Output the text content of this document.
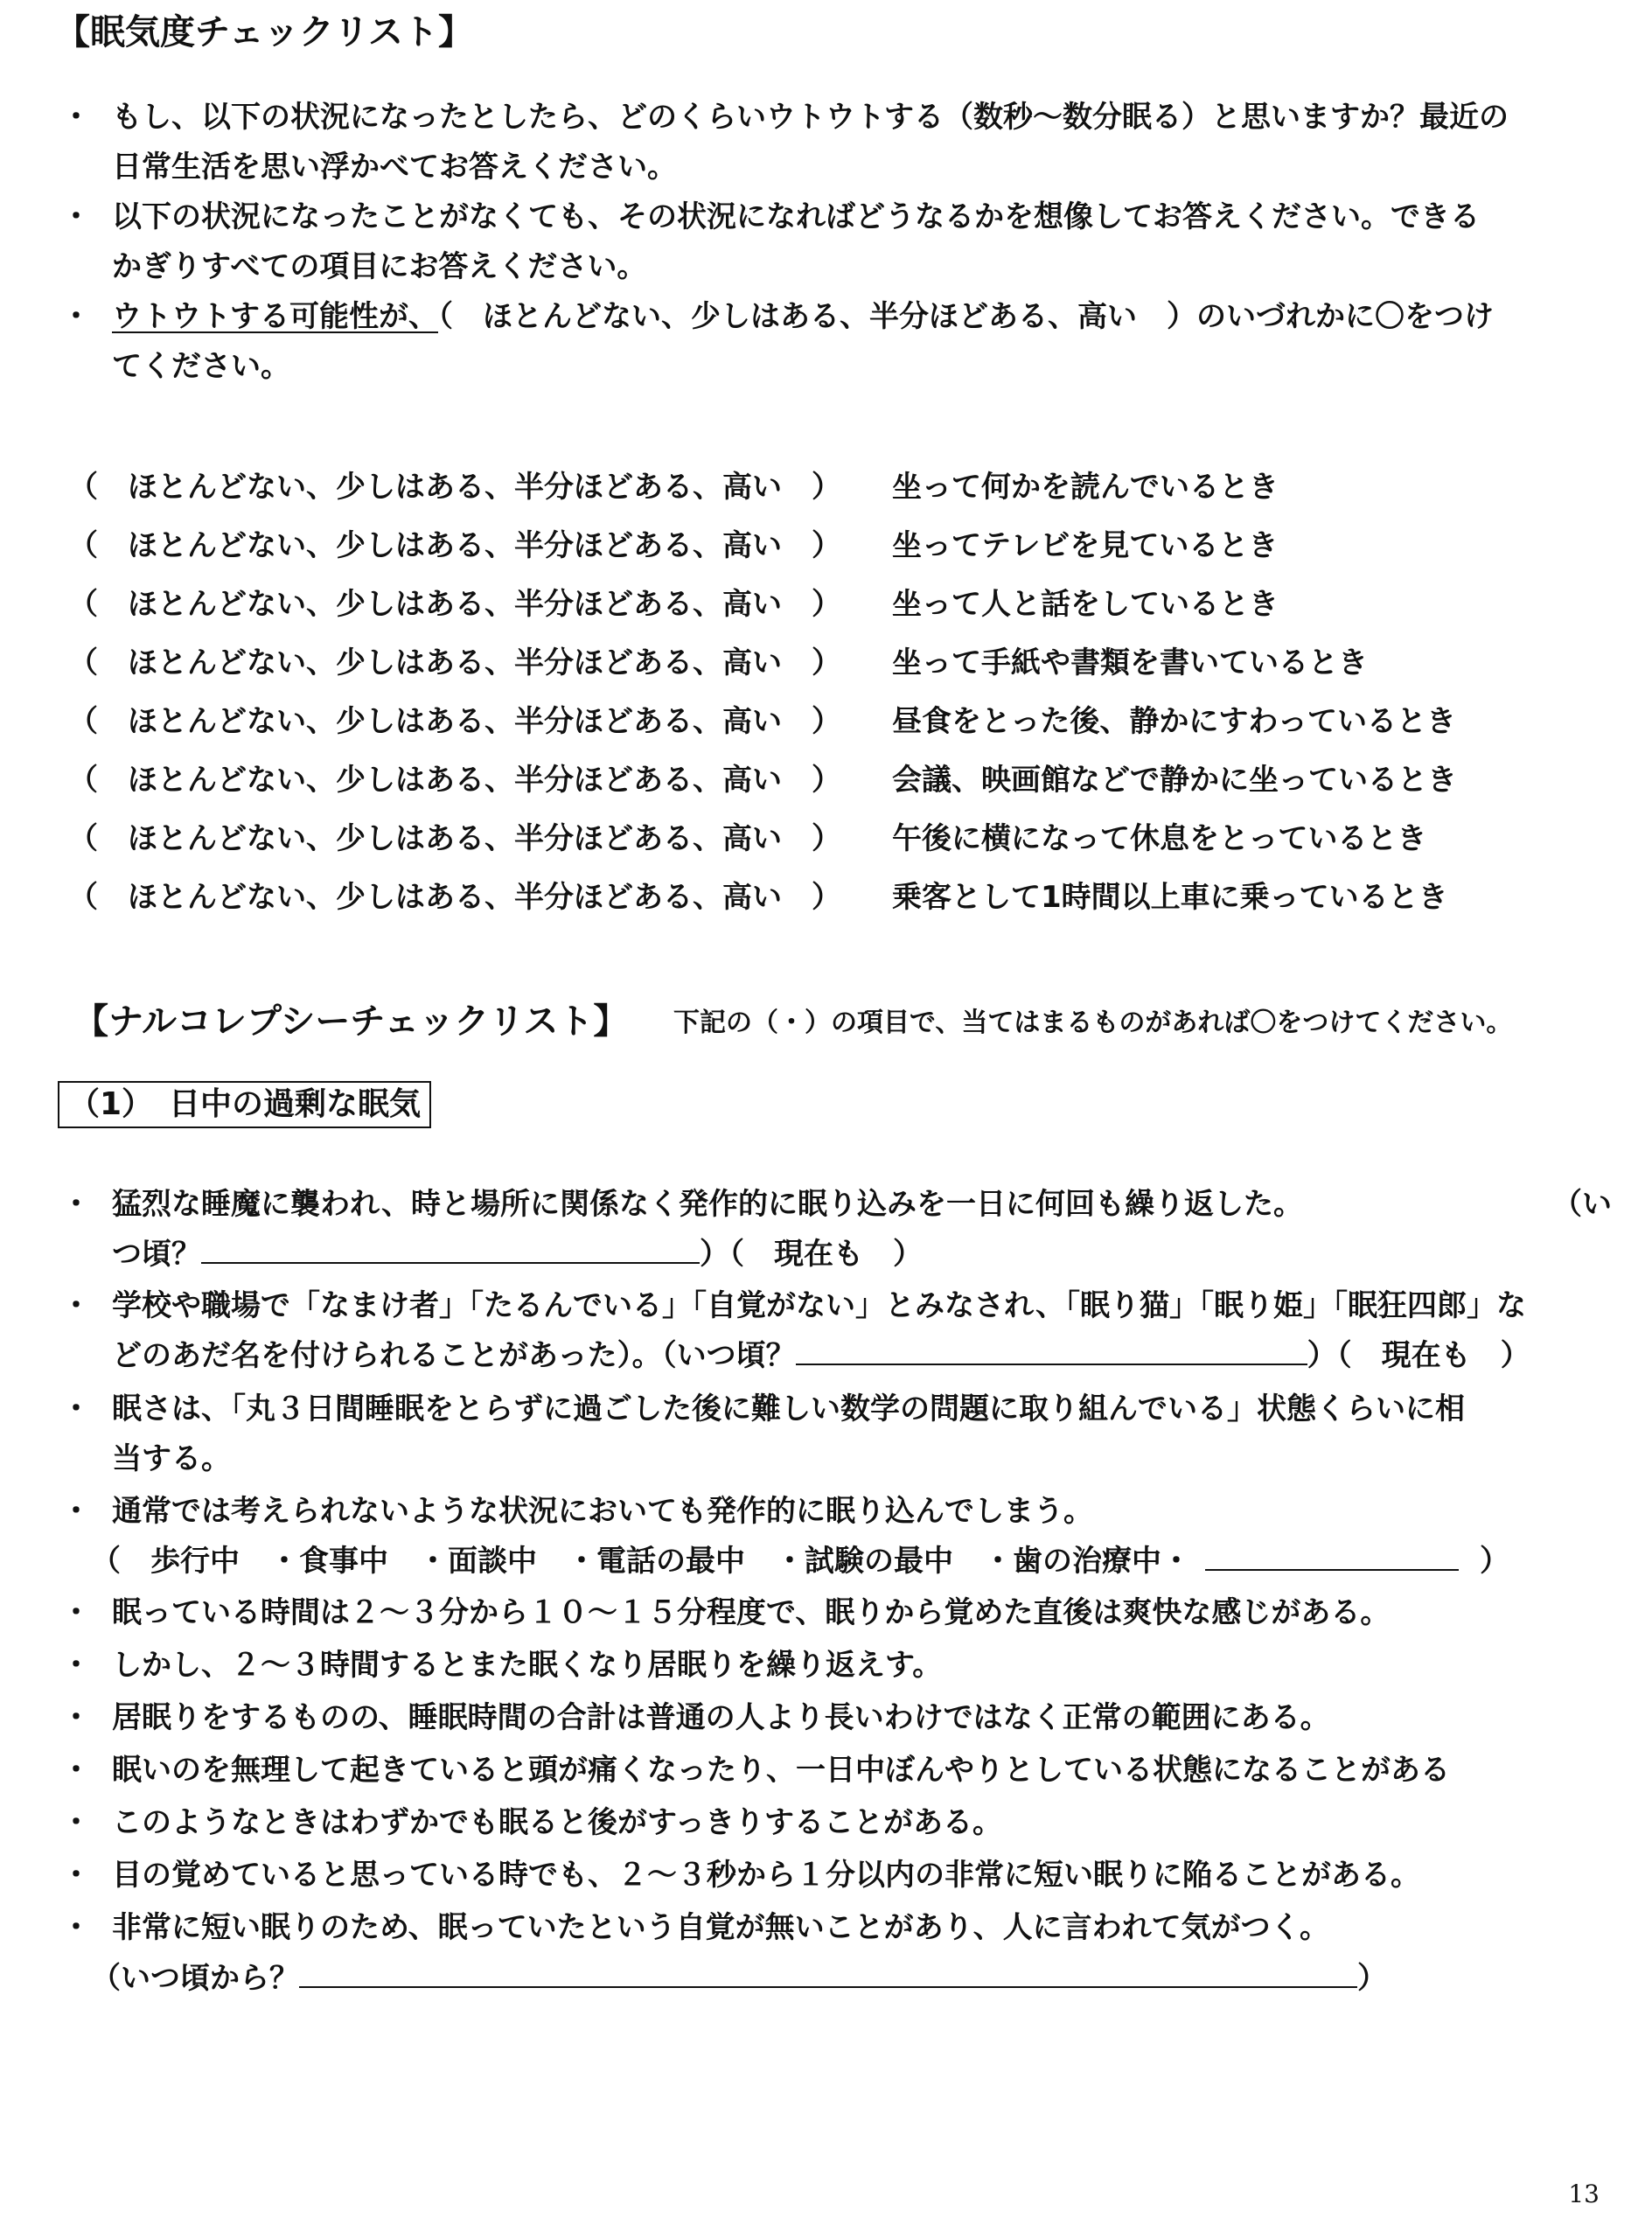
【眠気度チェックリスト】
・ もし、以下の状況になったとしたら、どのくらいウトウトする（数秒～数分眠る）と思いますか？最近の
日常生活を思い浮かべてお答えください。
・ 以下の状況になったことがなくても、その状況になればどうなるかを想像してお答えください。できる
かぎりすべての項目にお答えください。
・ ウトウトする可能性が、（　ほとんどない、少しはある、半分ほどある、高い　）のいづれかに〇をつけ
てください。
（　ほとんどない、少しはある、半分ほどある、高い　） 坐って何かを読んでいるとき
（　ほとんどない、少しはある、半分ほどある、高い　） 坐ってテレビを見ているとき
（　ほとんどない、少しはある、半分ほどある、高い　） 坐って人と話をしているとき
（　ほとんどない、少しはある、半分ほどある、高い　） 坐って手紙や書類を書いているとき
（　ほとんどない、少しはある、半分ほどある、高い　） 昼食をとった後、静かにすわっているとき
（　ほとんどない、少しはある、半分ほどある、高い　） 会議、映画館などで静かに坐っているとき
（　ほとんどない、少しはある、半分ほどある、高い　） 午後に横になって休息をとっているとき
（　ほとんどない、少しはある、半分ほどある、高い　） 乗客として1時間以上車に乗っているとき
【ナルコレプシーチェックリスト】 下記の（・）の項目で、当てはまるものがあれば〇をつけてください。
（1）　日中の過剰な眠気
・ 猛烈な睡魔に襲われ、時と場所に関係なく発作的に眠り込みを一日に何回も繰り返した。	（い
つ頃？	）（　現在も　）
・ 学校や職場で「なまけ者」「たるんでいる」「自覚がない」とみなされ、「眠り猫」「眠り姫」「眠狂四郎」な
どのあだ名を付けられることがあった）。（いつ頃？	）（　現在も　）
・ 眠さは、「丸３日間睡眠をとらずに過ごした後に難しい数学の問題に取り組んでいる」状態くらいに相
当する。
・ 通常では考えられないような状況においても発作的に眠り込んでしまう。
（　歩行中　・食事中　・面談中　・電話の最中　・試験の最中　・歯の治療中・	）
・ 眠っている時間は２～３分から１０～１５分程度で、眠りから覚めた直後は爽快な感じがある。
・ しかし、２～３時間するとまた眠くなり居眠りを繰り返えす。
・ 居眠りをするものの、睡眠時間の合計は普通の人より長いわけではなく正常の範囲にある。
・ 眠いのを無理して起きていると頭が痛くなったり、一日中ぼんやりとしている状態になることがある
・ このようなときはわずかでも眠ると後がすっきりすることがある。
・ 目の覚めていると思っている時でも、２～３秒から１分以内の非常に短い眠りに陥ることがある。
・ 非常に短い眠りのため、眠っていたという自覚が無いことがあり、人に言われて気がつく。
（いつ頃から？	）
13
